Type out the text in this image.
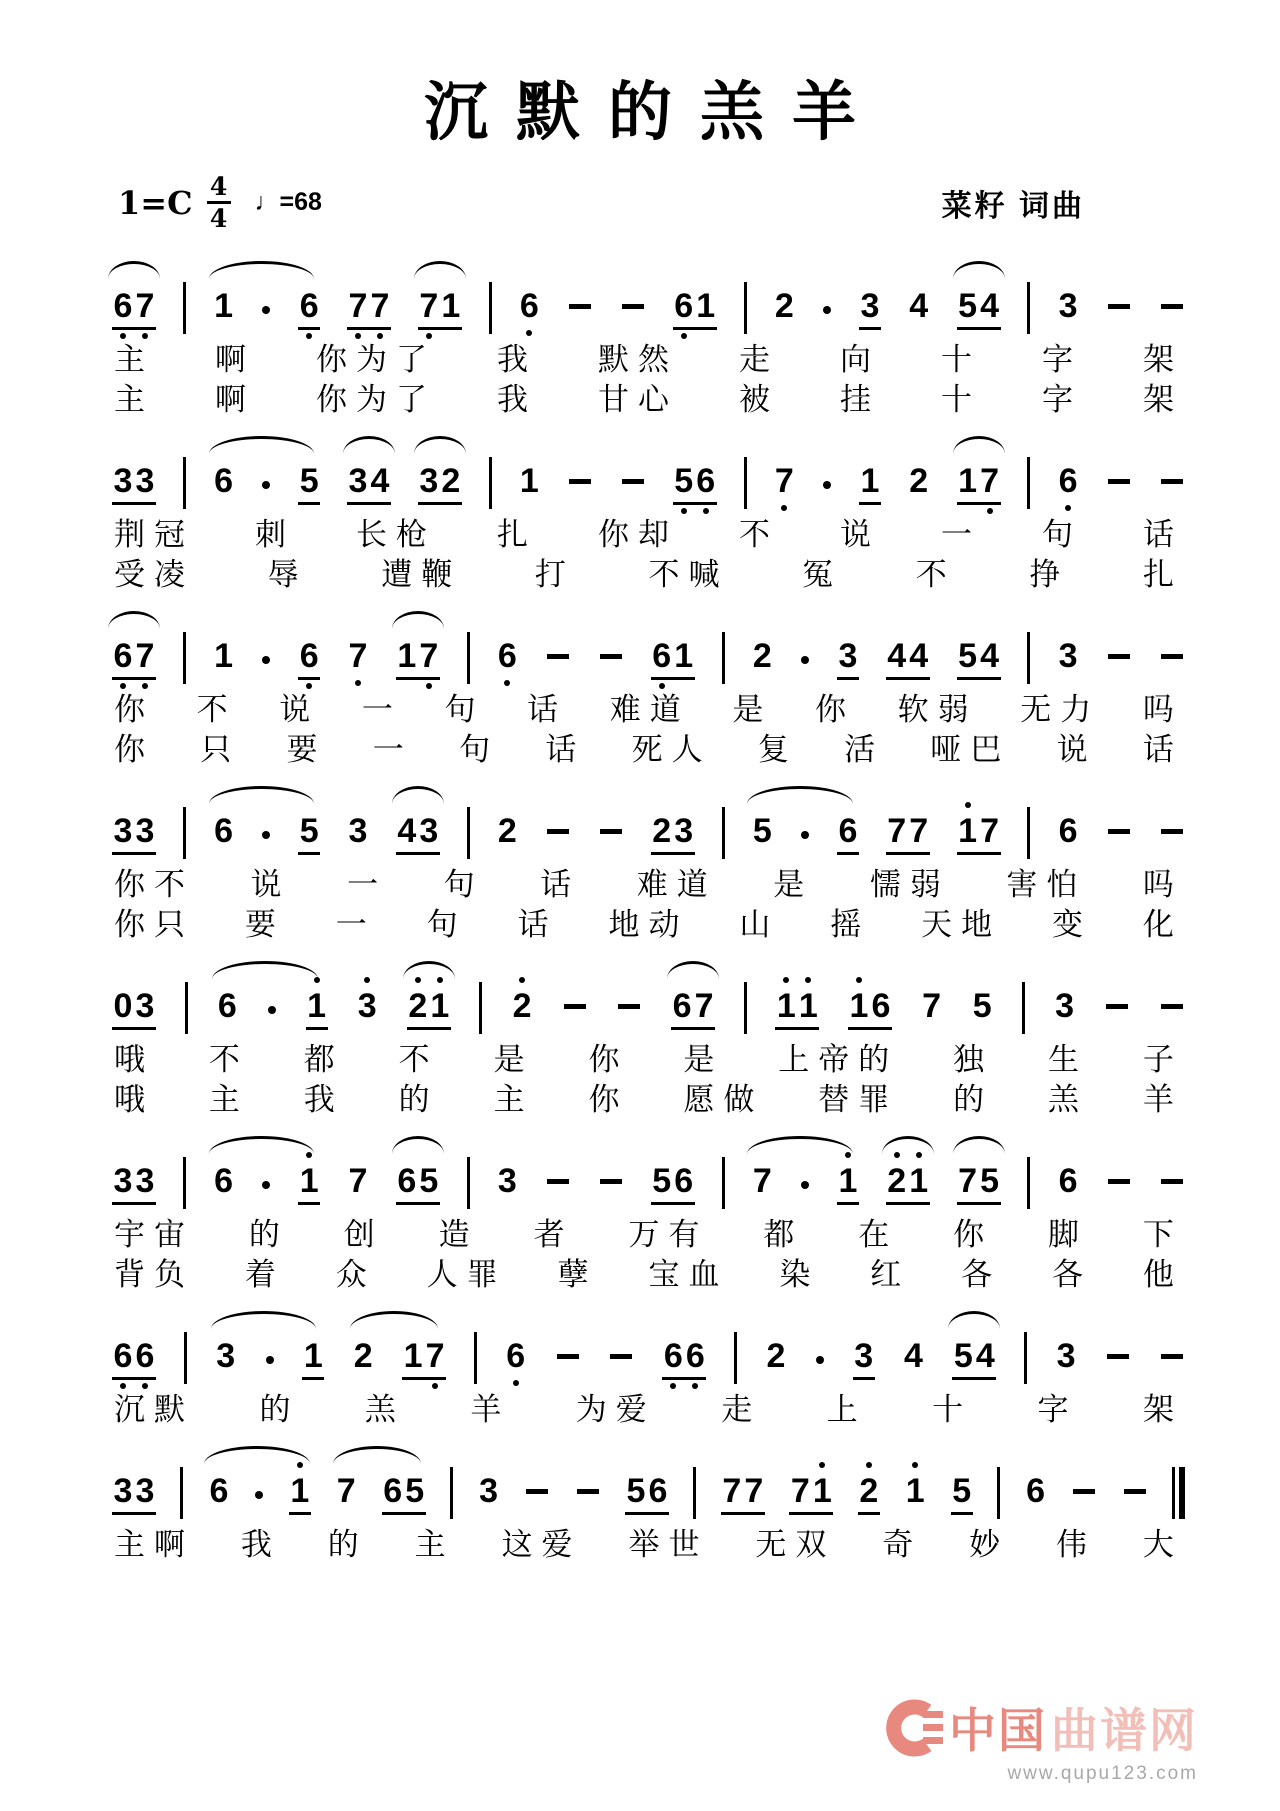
沉默的羔羊
1=C 4
4
♩=68	菜籽 词曲
6 7 1 6 7 7 7 1 6	6 1 2 3 4 5 4 3
主 啊 你为了 我 默然 走 向 十 字 架
主 啊 你为了 我 甘心 被 挂 十 字 架
3 3 6 5 3 4 3 2 1	5 6 7 1 2 1 7 6
荆冠 刺 长枪 扎 你却 不 说 一 句 话
受凌 辱 遭鞭 打 不喊 冤 不 挣 扎
6 7 1 6 7 1 7 6	6 1 2 3 4 4 5 4 3
你 不 说 一 句 话 难道 是 你 软弱 无力 吗
你 只 要 一 句 话 死人 复 活 哑巴 说 话
3 3 6 5 3 4 3 2	2 3 5 6 7 7 1 7 6
你不 说 一 句 话 难道 是 懦弱 害怕 吗
你只 要 一 句 话 地动 山 摇 天地 变 化
0 3 6 1 3 2 1 2	6 7 1 1 1 6 7 5 3
哦 不 都 不 是 你 是 上帝的 独 生 子
哦 主 我 的 主 你 愿做 替罪 的 羔 羊
3 3 6 1 7 6 5 3	5 6 7 1 2 1 7 5 6
宇宙 的 创 造 者 万有 都 在 你 脚 下
背负 着 众 人罪 孽 宝血 染 红 各 各 他
6 6 3 1 2 1 7 6	6 6 2 3 4 5 4 3
沉默 的 羔 羊 为爱 走 上 十 字 架
3 3 6 1 7 6 5 3	5 6 7 7 7 1 2 1 5 6
主啊 我 的 主 这爱 举世 无双 奇 妙 伟 大
中国 曲谱网
www.qupu123.com
